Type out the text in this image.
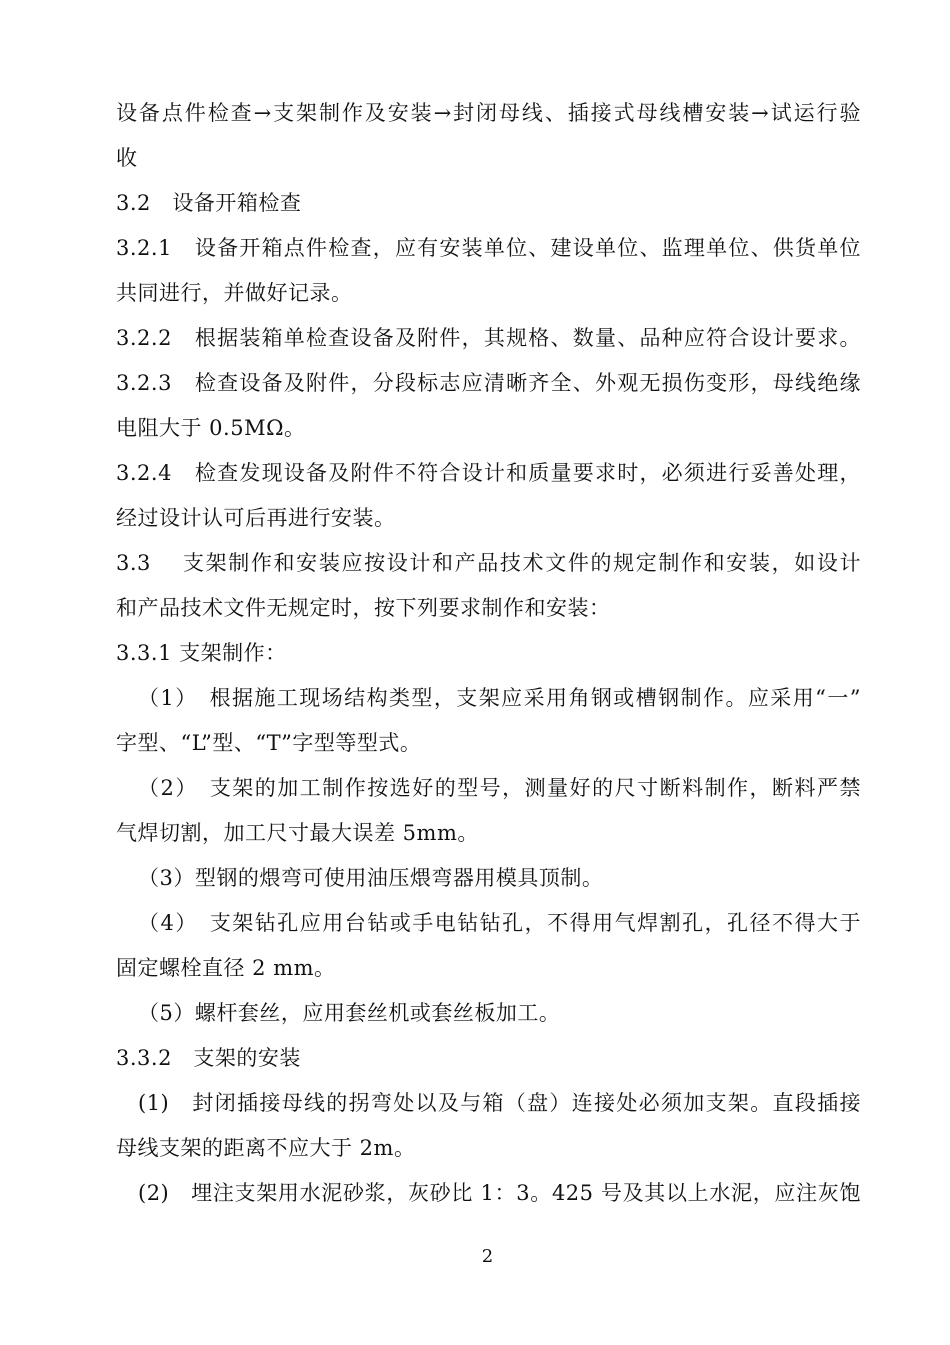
设备点件检查→支架制作及安装→封闭母线、插接式母线槽安装→试运行验
收
3.2　设备开箱检查
3.2.1　设备开箱点件检查，应有安装单位、建设单位、监理单位、供货单位
共同进行，并做好记录。
3.2.2　根据装箱单检查设备及附件，其规格、数量、品种应符合设计要求。
3.2.3　检查设备及附件，分段标志应清晰齐全、外观无损伤变形，母线绝缘
电阻大于 0.5MΩ。
3.2.4　检查发现设备及附件不符合设计和质量要求时，必须进行妥善处理，
经过设计认可后再进行安装。
3.3　 支架制作和安装应按设计和产品技术文件的规定制作和安装，如设计
和产品技术文件无规定时，按下列要求制作和安装：
3.3.1 支架制作：
（1）　根据施工现场结构类型，支架应采用角钢或槽钢制作。应采用“一”
字型、“L”型、“T”字型等型式。
（2）　支架的加工制作按选好的型号，测量好的尺寸断料制作，断料严禁
气焊切割，加工尺寸最大误差 5mm。
（3）型钢的煨弯可使用油压煨弯器用模具顶制。
（4）　支架钻孔应用台钻或手电钻钻孔，不得用气焊割孔，孔径不得大于
固定螺栓直径 2 mm。
（5）螺杆套丝，应用套丝机或套丝板加工。
3.3.2　支架的安装
(1)　封闭插接母线的拐弯处以及与箱（盘）连接处必须加支架。直段插接
母线支架的距离不应大于 2m。
(2)　埋注支架用水泥砂浆，灰砂比 1：3。425 号及其以上水泥，应注灰饱
2
